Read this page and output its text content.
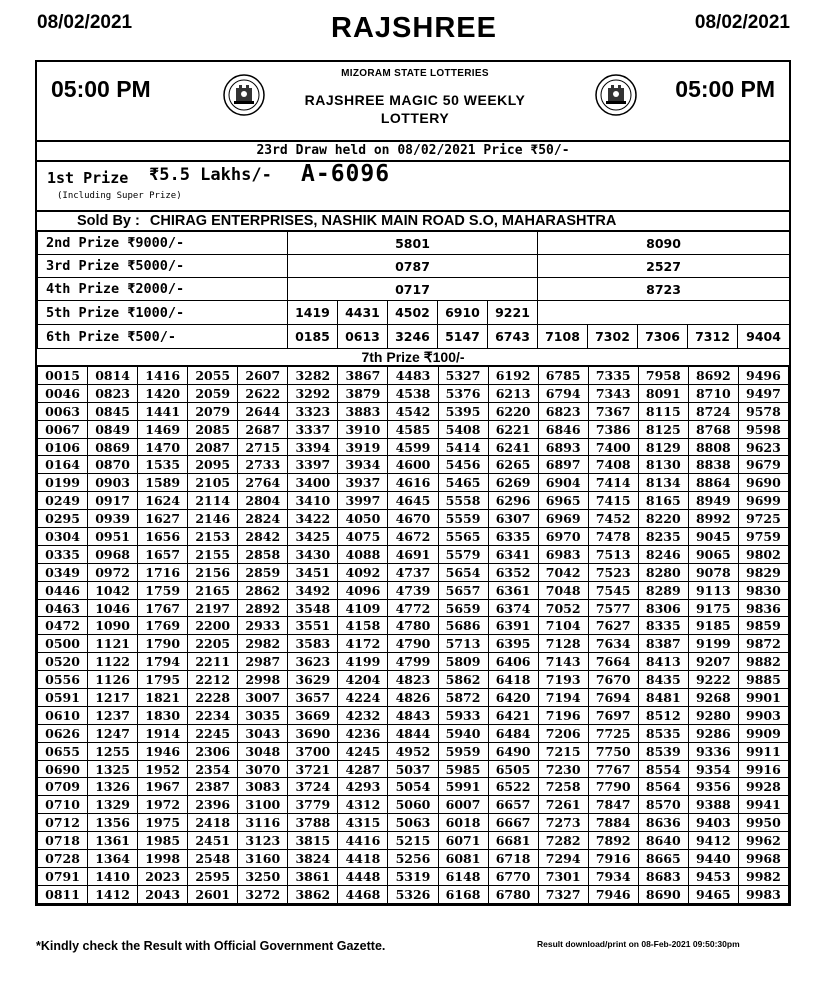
08/02/2021	RAJSHREE	08/02/2021
05:00 PM
MIZORAM STATE LOTTERIES
RAJSHREE MAGIC 50 WEEKLY
LOTTERY
05:00 PM
23rd Draw held on 08/02/2021 Price ₹50/-
1st Prize ₹5.5 Lakhs/- A-6096
(Including Super Prize)
Sold By : CHIRAG ENTERPRISES, NASHIK MAIN ROAD S.O, MAHARASHTRA
2nd Prize ₹9000/-	5801					8090				
3rd Prize ₹5000/-	0787					2527				
4th Prize ₹2000/-	0717					8723				
5th Prize ₹1000/-	1419	4431	4502	6910	9221					
6th Prize ₹500/-	0185	0613	3246	5147	6743	7108	7302	7306	7312	9404
7th Prize ₹100/-
0015	0814	1416	2055	2607	3282	3867	4483	5327	6192	6785	7335	7958	8692	9496
0046	0823	1420	2059	2622	3292	3879	4538	5376	6213	6794	7343	8091	8710	9497
0063	0845	1441	2079	2644	3323	3883	4542	5395	6220	6823	7367	8115	8724	9578
0067	0849	1469	2085	2687	3337	3910	4585	5408	6221	6846	7386	8125	8768	9598
0106	0869	1470	2087	2715	3394	3919	4599	5414	6241	6893	7400	8129	8808	9623
0164	0870	1535	2095	2733	3397	3934	4600	5456	6265	6897	7408	8130	8838	9679
0199	0903	1589	2105	2764	3400	3937	4616	5465	6269	6904	7414	8134	8864	9690
0249	0917	1624	2114	2804	3410	3997	4645	5558	6296	6965	7415	8165	8949	9699
0295	0939	1627	2146	2824	3422	4050	4670	5559	6307	6969	7452	8220	8992	9725
0304	0951	1656	2153	2842	3425	4075	4672	5565	6335	6970	7478	8235	9045	9759
0335	0968	1657	2155	2858	3430	4088	4691	5579	6341	6983	7513	8246	9065	9802
0349	0972	1716	2156	2859	3451	4092	4737	5654	6352	7042	7523	8280	9078	9829
0446	1042	1759	2165	2862	3492	4096	4739	5657	6361	7048	7545	8289	9113	9830
0463	1046	1767	2197	2892	3548	4109	4772	5659	6374	7052	7577	8306	9175	9836
0472	1090	1769	2200	2933	3551	4158	4780	5686	6391	7104	7627	8335	9185	9859
0500	1121	1790	2205	2982	3583	4172	4790	5713	6395	7128	7634	8387	9199	9872
0520	1122	1794	2211	2987	3623	4199	4799	5809	6406	7143	7664	8413	9207	9882
0556	1126	1795	2212	2998	3629	4204	4823	5862	6418	7193	7670	8435	9222	9885
0591	1217	1821	2228	3007	3657	4224	4826	5872	6420	7194	7694	8481	9268	9901
0610	1237	1830	2234	3035	3669	4232	4843	5933	6421	7196	7697	8512	9280	9903
0626	1247	1914	2245	3043	3690	4236	4844	5940	6484	7206	7725	8535	9286	9909
0655	1255	1946	2306	3048	3700	4245	4952	5959	6490	7215	7750	8539	9336	9911
0690	1325	1952	2354	3070	3721	4287	5037	5985	6505	7230	7767	8554	9354	9916
0709	1326	1967	2387	3083	3724	4293	5054	5991	6522	7258	7790	8564	9356	9928
0710	1329	1972	2396	3100	3779	4312	5060	6007	6657	7261	7847	8570	9388	9941
0712	1356	1975	2418	3116	3788	4315	5063	6018	6667	7273	7884	8636	9403	9950
0718	1361	1985	2451	3123	3815	4416	5215	6071	6681	7282	7892	8640	9412	9962
0728	1364	1998	2548	3160	3824	4418	5256	6081	6718	7294	7916	8665	9440	9968
0791	1410	2023	2595	3250	3861	4448	5319	6148	6770	7301	7934	8683	9453	9982
0811	1412	2043	2601	3272	3862	4468	5326	6168	6780	7327	7946	8690	9465	9983
*Kindly check the Result with Official Government Gazette.	Result download/print on 08-Feb-2021 09:50:30pm
